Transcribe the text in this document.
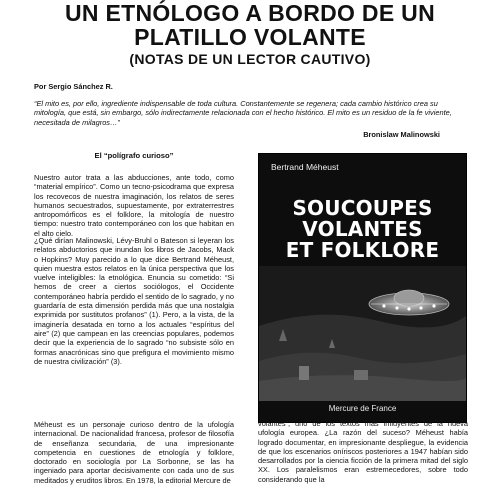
UN ETNÓLOGO A BORDO DE UN
PLATILLO VOLANTE
(NOTAS DE UN LECTOR CAUTIVO)
Por Sergio Sánchez R.
“El mito es, por ello, ingrediente indispensable de toda cultura. Constantemente se regenera; cada cambio histórico crea su mitología, que está, sin embargo, sólo indirectamente relacionada con el hecho histórico. El mito es un residuo de la fe viviente, necesitada de milagros…”
Bronislaw Malinowski
El “polígrafo curioso”
Nuestro autor trata a las abducciones, ante todo, como “material empírico”. Como un tecno-psicodrama que expresa los recovecos de nuestra imaginación, los relatos de seres humanos secuestrados, supuestamente, por extraterrestres antropomórficos es el folklore, la mitología de nuestro tiempo: nuestro trato contemporáneo con los que habitan en el alto cielo.
¿Qué dirían Malinowski, Lévy-Bruhl o Bateson si leyeran los relatos abductorios que inundan los libros de Jacobs, Mack o Hopkins? Muy parecido a lo que dice Bertrand Méheust, quien muestra estos relatos en la única perspectiva que los vuelve inteligibles: la etnológica. Enuncia su cometido: “Si hemos de creer a ciertos sociólogos, el Occidente contemporáneo habría perdido el sentido de lo sagrado, y no guardaría de esta dimensión perdida más que una nostalgia exprimida por sustitutos profanos” (1). Pero, a la vista, de la imaginería desatada en torno a los actuales “espíritus del aire” (2) que campean en las creencias populares, podemos decir que la experiencia de lo sagrado “no subsiste sólo en formas anacrónicas sino que prefigura el movimiento mismo de nuestra civilización” (3).
Méheust es un personaje curioso dentro de la ufología internacional. De nacionalidad francesa, profesor de filosofía de enseñanza secundaria, de una impresionante competencia en cuestiones de etnología y folklore, doctorado en sociología por La Sorbonne, se las ha ingeniado para aportar decisivamente con cada uno de sus meditados y eruditos libros. En 1978, la editorial Mercure de
Bertrand Méheust
SOUCOUPES
VOLANTES
ET FOLKLORE
Mercure de France
volantes”, uno de los textos más influyentes de la nueva ufología europea. ¿La razón del suceso? Méheust había logrado documentar, en impresionante despliegue, la evidencia de que los escenarios oníriscos posteriores a 1947 habían sido desarrollados por la ciencia ficción de la primera mitad del siglo XX. Los paralelismos eran estremecedores, sobre todo considerando que la
